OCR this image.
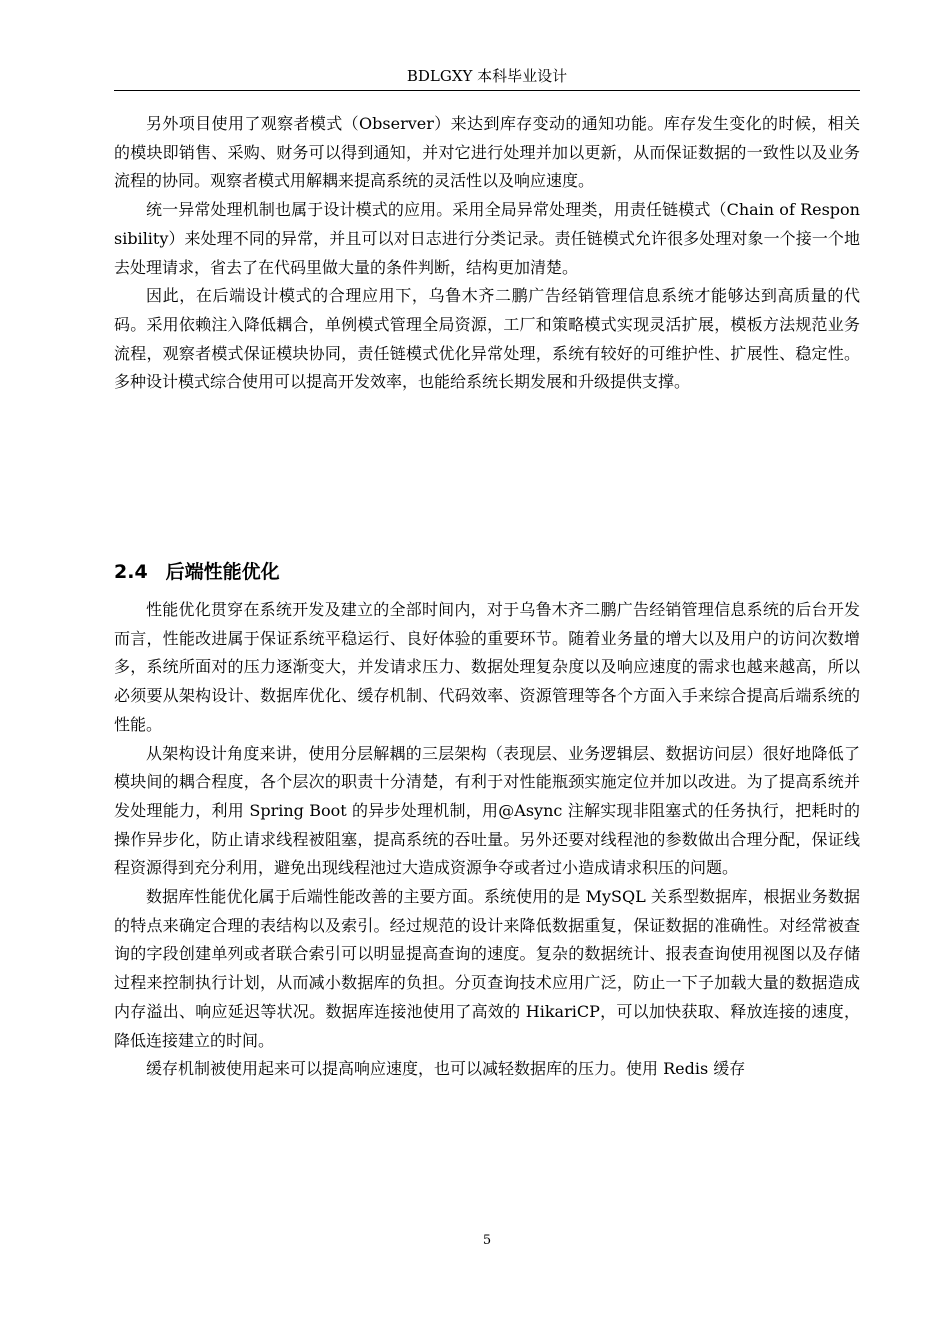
BDLGXY 本科毕业设计

另外项目使用了观察者模式（Observer）来达到库存变动的通知功能。库存发生变化的时候，相关的模块即销售、采购、财务可以得到通知，并对它进行处理并加以更新，从而保证数据的一致性以及业务流程的协同。观察者模式用解耦来提高系统的灵活性以及响应速度。

统一异常处理机制也属于设计模式的应用。采用全局异常处理类，用责任链模式（Chain of Responsibility）来处理不同的异常，并且可以对日志进行分类记录。责任链模式允许很多处理对象一个接一个地去处理请求，省去了在代码里做大量的条件判断，结构更加清楚。

因此，在后端设计模式的合理应用下，乌鲁木齐二鹏广告经销管理信息系统才能够达到高质量的代码。采用依赖注入降低耦合，单例模式管理全局资源，工厂和策略模式实现灵活扩展，模板方法规范业务流程，观察者模式保证模块协同，责任链模式优化异常处理，系统有较好的可维护性、扩展性、稳定性。多种设计模式综合使用可以提高开发效率，也能给系统长期发展和升级提供支撑。

2.4 后端性能优化

性能优化贯穿在系统开发及建立的全部时间内，对于乌鲁木齐二鹏广告经销管理信息系统的后台开发而言，性能改进属于保证系统平稳运行、良好体验的重要环节。随着业务量的增大以及用户的访问次数增多，系统所面对的压力逐渐变大，并发请求压力、数据处理复杂度以及响应速度的需求也越来越高，所以必须要从架构设计、数据库优化、缓存机制、代码效率、资源管理等各个方面入手来综合提高后端系统的性能。

从架构设计角度来讲，使用分层解耦的三层架构（表现层、业务逻辑层、数据访问层）很好地降低了模块间的耦合程度，各个层次的职责十分清楚，有利于对性能瓶颈实施定位并加以改进。为了提高系统并发处理能力，利用 Spring Boot 的异步处理机制，用@Async 注解实现非阻塞式的任务执行，把耗时的操作异步化，防止请求线程被阻塞，提高系统的吞吐量。另外还要对线程池的参数做出合理分配，保证线程资源得到充分利用，避免出现线程池过大造成资源争夺或者过小造成请求积压的问题。

数据库性能优化属于后端性能改善的主要方面。系统使用的是 MySQL 关系型数据库，根据业务数据的特点来确定合理的表结构以及索引。经过规范的设计来降低数据重复，保证数据的准确性。对经常被查询的字段创建单列或者联合索引可以明显提高查询的速度。复杂的数据统计、报表查询使用视图以及存储过程来控制执行计划，从而减小数据库的负担。分页查询技术应用广泛，防止一下子加载大量的数据造成内存溢出、响应延迟等状况。数据库连接池使用了高效的 HikariCP，可以加快获取、释放连接的速度，降低连接建立的时间。

缓存机制被使用起来可以提高响应速度，也可以减轻数据库的压力。使用 Redis 缓存

5
